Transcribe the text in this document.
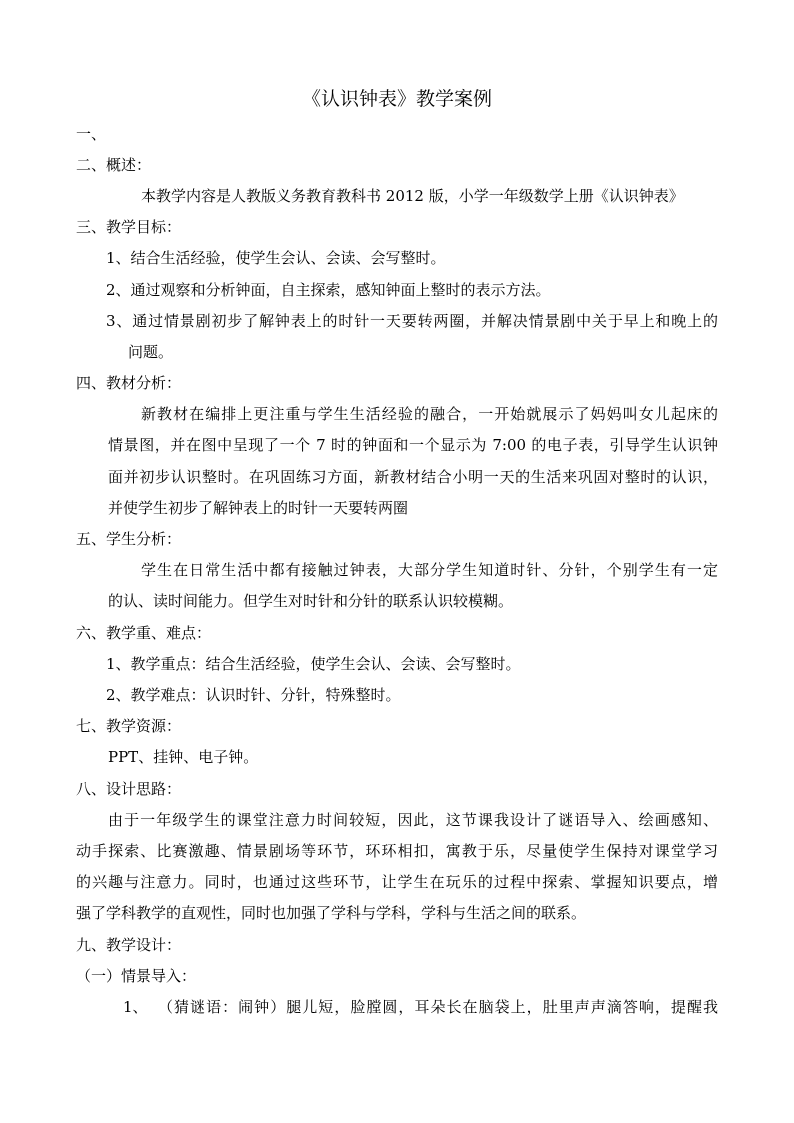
《认识钟表》教学案例
一、
二、概述：
本教学内容是人教版义务教育教科书 2012 版，小学一年级数学上册《认识钟表》
三、教学目标：
1、结合生活经验，使学生会认、会读、会写整时。
2、通过观察和分析钟面，自主探索，感知钟面上整时的表示方法。
3、通过情景剧初步了解钟表上的时针一天要转两圈，并解决情景剧中关于早上和晚上的
问题。
四、教材分析：
新教材在编排上更注重与学生生活经验的融合，一开始就展示了妈妈叫女儿起床的
情景图，并在图中呈现了一个 7 时的钟面和一个显示为 7:00 的电子表，引导学生认识钟
面并初步认识整时。在巩固练习方面，新教材结合小明一天的生活来巩固对整时的认识，
并使学生初步了解钟表上的时针一天要转两圈
五、学生分析：
学生在日常生活中都有接触过钟表，大部分学生知道时针、分针，个别学生有一定
的认、读时间能力。但学生对时针和分针的联系认识较模糊。
六、教学重、难点：
1、教学重点：结合生活经验，使学生会认、会读、会写整时。
2、教学难点：认识时针、分针，特殊整时。
七、教学资源：
PPT、挂钟、电子钟。
八、设计思路：
由于一年级学生的课堂注意力时间较短，因此，这节课我设计了谜语导入、绘画感知、
动手探索、比赛激趣、情景剧场等环节，环环相扣，寓教于乐，尽量使学生保持对课堂学习
的兴趣与注意力。同时，也通过这些环节，让学生在玩乐的过程中探索、掌握知识要点，增
强了学科教学的直观性，同时也加强了学科与学科，学科与生活之间的联系。
九、教学设计：
（一）情景导入：
1、 （猜谜语：闹钟）腿儿短，脸膛圆，耳朵长在脑袋上，肚里声声滴答响，提醒我
